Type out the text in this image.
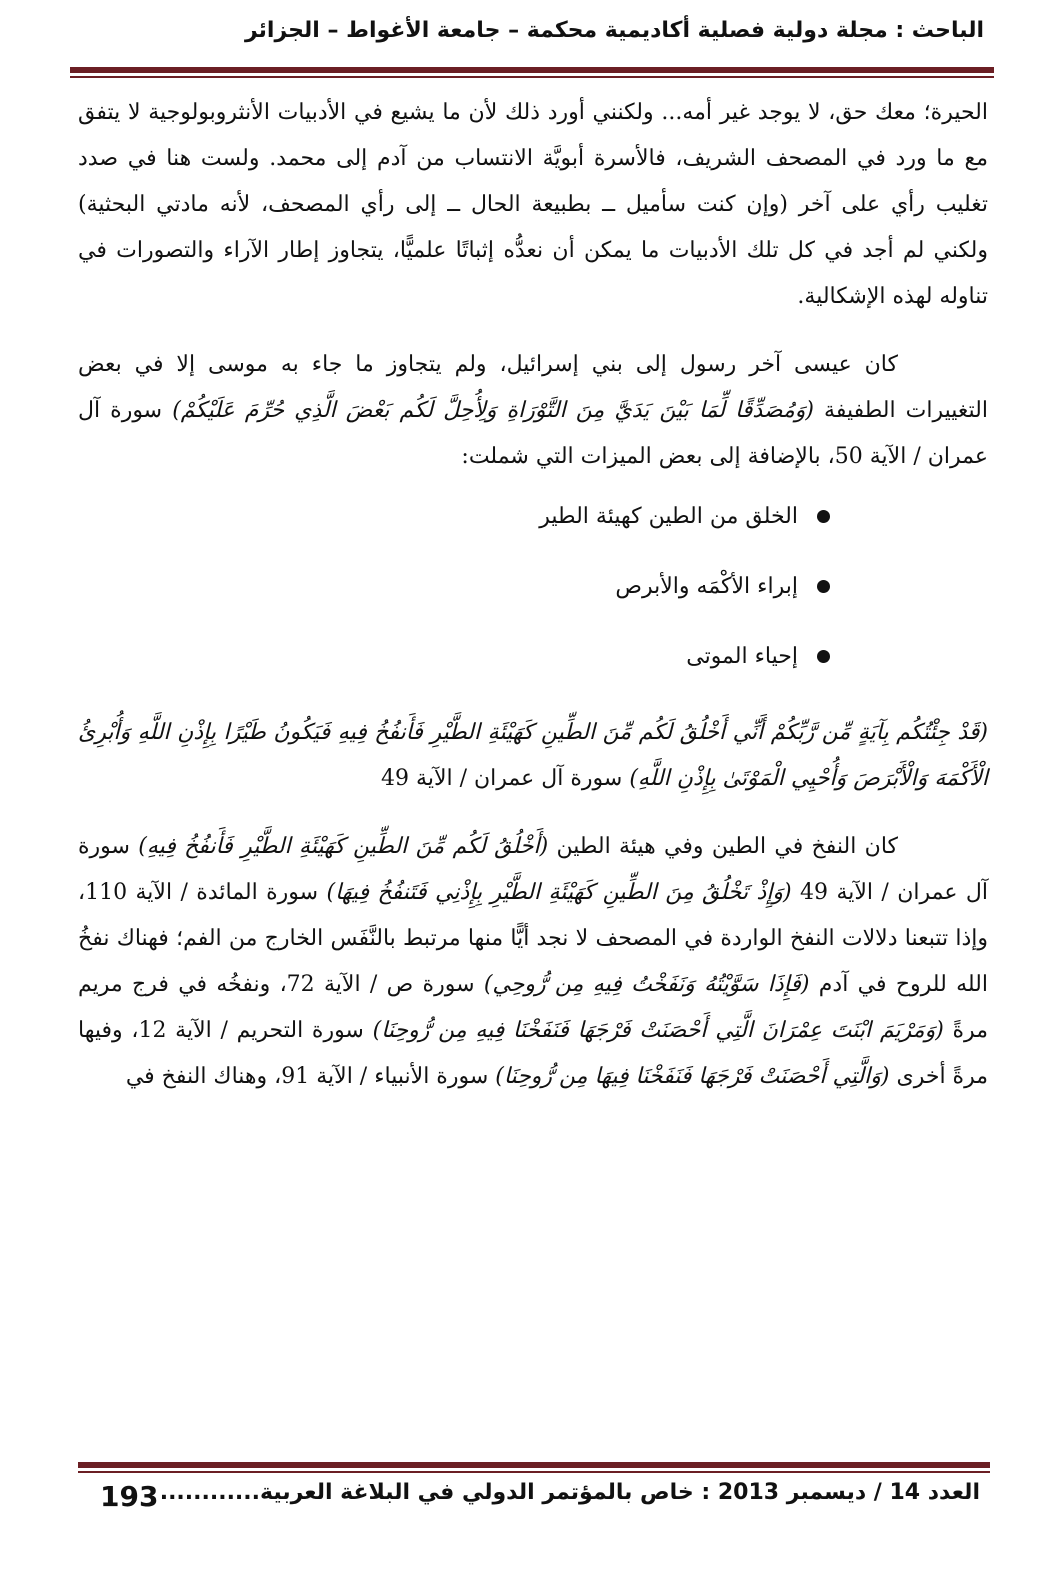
الباحث : مجلة دولية فصلية أكاديمية محكمة – جامعة الأغواط – الجزائر

الحيرة؛ معك حق، لا يوجد غير أمه... ولكنني أورد ذلك لأن ما يشيع في الأدبيات الأنثروبولوجية لا يتفق مع ما ورد في المصحف الشريف، فالأسرة أبويَّة الانتساب من آدم إلى محمد. ولست هنا في صدد تغليب رأي على آخر (وإن كنت سأميل ــ بطبيعة الحال ــ إلى رأي المصحف، لأنه مادتي البحثية) ولكني لم أجد في كل تلك الأدبيات ما يمكن أن نعدُّه إثباتًا علميًّا، يتجاوز إطار الآراء والتصورات في تناوله لهذه الإشكالية.

كان عيسى آخر رسول إلى بني إسرائيل، ولم يتجاوز ما جاء به موسى إلا في بعض التغييرات الطفيفة (وَمُصَدِّقًا لِّمَا بَيْنَ يَدَيَّ مِنَ التَّوْرَاةِ وَلِأُحِلَّ لَكُم بَعْضَ الَّذِي حُرِّمَ عَلَيْكُمْ) سورة آل عمران / الآية 50، بالإضافة إلى بعض الميزات التي شملت:

الخلق من الطين كهيئة الطير
إبراء الأكْمَه والأبرص
إحياء الموتى

(قَدْ جِئْتُكُم بِآيَةٍ مِّن رَّبِّكُمْ أَنِّي أَخْلُقُ لَكُم مِّنَ الطِّينِ كَهَيْئَةِ الطَّيْرِ فَأَنفُخُ فِيهِ فَيَكُونُ طَيْرًا بِإِذْنِ اللَّهِ وَأُبْرِئُ الْأَكْمَهَ وَالْأَبْرَصَ وَأُحْيِي الْمَوْتَىٰ بِإِذْنِ اللَّهِ) سورة آل عمران / الآية 49

كان النفخ في الطين وفي هيئة الطين (أَخْلُقُ لَكُم مِّنَ الطِّينِ كَهَيْئَةِ الطَّيْرِ فَأَنفُخُ فِيهِ) سورة آل عمران / الآية 49 (وَإِذْ تَخْلُقُ مِنَ الطِّينِ كَهَيْئَةِ الطَّيْرِ بِإِذْنِي فَتَنفُخُ فِيهَا) سورة المائدة / الآية 110، وإذا تتبعنا دلالات النفخ الواردة في المصحف لا نجد أيًّا منها مرتبط بالنَّفَس الخارج من الفم؛ فهناك نفخُ الله للروح في آدم (فَإِذَا سَوَّيْتُهُ وَنَفَخْتُ فِيهِ مِن رُّوحِي) سورة ص / الآية 72، ونفخُه في فرج مريم مرةً (وَمَرْيَمَ ابْنَتَ عِمْرَانَ الَّتِي أَحْصَنَتْ فَرْجَهَا فَنَفَخْنَا فِيهِ مِن رُّوحِنَا) سورة التحريم / الآية 12، وفيها مرةً أخرى (وَالَّتِي أَحْصَنَتْ فَرْجَهَا فَنَفَخْنَا فِيهَا مِن رُّوحِنَا) سورة الأنبياء / الآية 91، وهناك النفخ في

العدد 14 / ديسمبر 2013 : خاص بالمؤتمر الدولي في البلاغة العربية............
193
